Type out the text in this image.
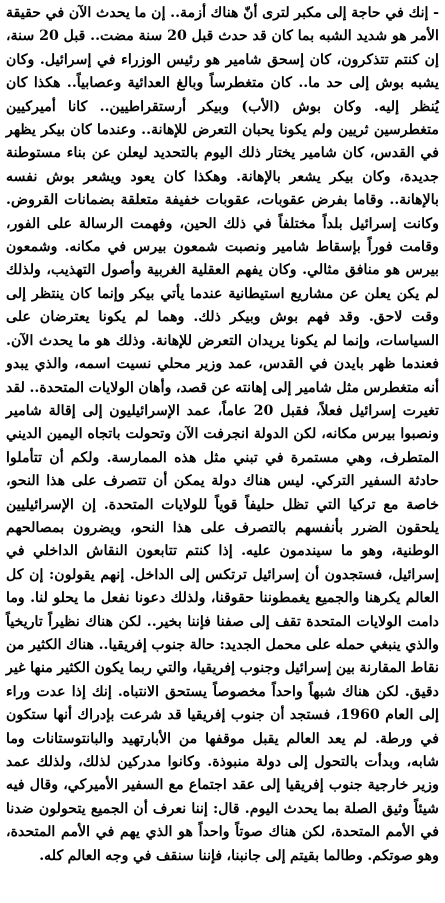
- إنك في حاجة إلى مكبر لترى أنّ هناك أزمة.. إن ما يحدث الآن في حقيقة الأمر هو شديد الشبه بما كان قد حدث قبل 20 سنة مضت.. قبل 20 سنة، إن كنتم تتذكرون، كان إسحق شامير هو رئيس الوزراء في إسرائيل. وكان يشبه بوش إلى حد ما.. كان متغطرساً وبالغ العدائية وعصابياً.. هكذا كان يُنظر إليه. وكان بوش (الأب) وبيكر أرستقراطيين.. كانا أميركيين متغطرسين ثريين ولم يكونا يحبان التعرض للإهانة.. وعندما كان بيكر يظهر في القدس، كان شامير يختار ذلك اليوم بالتحديد ليعلن عن بناء مستوطنة جديدة، وكان بيكر يشعر بالإهانة. وهكذا كان يعود ويشعر بوش نفسه بالإهانة.. وقاما بفرض عقوبات، عقوبات خفيفة متعلقة بضمانات القروض. وكانت إسرائيل بلداً مختلفاً في ذلك الحين، وفهمت الرسالة على الفور، وقامت فوراً بإسقاط شامير ونصبت شمعون بيرس في مكانه. وشمعون بيرس هو منافق مثالي. وكان يفهم العقلية الغربية وأصول التهذيب، ولذلك لم يكن يعلن عن مشاريع استيطانية عندما يأتي بيكر وإنما كان ينتظر إلى وقت لاحق. وقد فهم بوش وبيكر ذلك. وهما لم يكونا يعترضان على السياسات، وإنما لم يكونا يريدان التعرض للإهانة. وذلك هو ما يحدث الآن. فعندما ظهر بايدن في القدس، عمد وزير محلي نسيت اسمه، والذي يبدو أنه متغطرس مثل شامير إلى إهانته عن قصد، وأهان الولايات المتحدة.. لقد تغيرت إسرائيل فعلاً، فقبل 20 عاماً، عمد الإسرائيليون إلى إقالة شامير ونصبوا بيرس مكانه، لكن الدولة انجرفت الآن وتحولت باتجاه اليمين الديني المتطرف، وهي مستمرة في تبني مثل هذه الممارسة. ولكم أن تتأملوا حادثة السفير التركي. ليس هناك دولة يمكن أن تتصرف على هذا النحو، خاصة مع تركيا التي تظل حليفاً قوياً للولايات المتحدة. إن الإسرائيليين يلحقون الضرر بأنفسهم بالتصرف على هذا النحو، ويضرون بمصالحهم الوطنية، وهو ما سيندمون عليه. إذا كنتم تتابعون النقاش الداخلي في إسرائيل، فستجدون أن إسرائيل ترتكس إلى الداخل. إنهم يقولون: إن كل العالم يكرهنا والجميع يغمطوننا حقوقنا، ولذلك دعونا نفعل ما يحلو لنا. وما دامت الولايات المتحدة تقف إلى صفنا فإننا بخير.. لكن هناك نظيراً تاريخياً والذي ينبغي حمله على محمل الجديد: حالة جنوب إفريقيا.. هناك الكثير من نقاط المقارنة بين إسرائيل وجنوب إفريقيا، والتي ربما يكون الكثير منها غير دقيق. لكن هناك شبهاً واحداً مخصوصاً يستحق الانتباه. إنك إذا عدت وراء إلى العام 1960، فستجد أن جنوب إفريقيا قد شرعت بإدراك أنها ستكون في ورطة. لم يعد العالم يقبل موقفها من الأبارتهيد والبانتوستانات وما شابه، وبدأت بالتحول إلى دولة منبوذة. وكانوا مدركين لذلك، ولذلك عمد وزير خارجية جنوب إفريقيا إلى عقد اجتماع مع السفير الأميركي، وقال فيه شيئاً وثيق الصلة بما يحدث اليوم. قال: إننا نعرف أن الجميع يتحولون ضدنا في الأمم المتحدة، لكن هناك صوتاً واحداً هو الذي يهم في الأمم المتحدة، وهو صوتكم. وطالما بقيتم إلى جانبنا، فإننا سنقف في وجه العالم كله.
